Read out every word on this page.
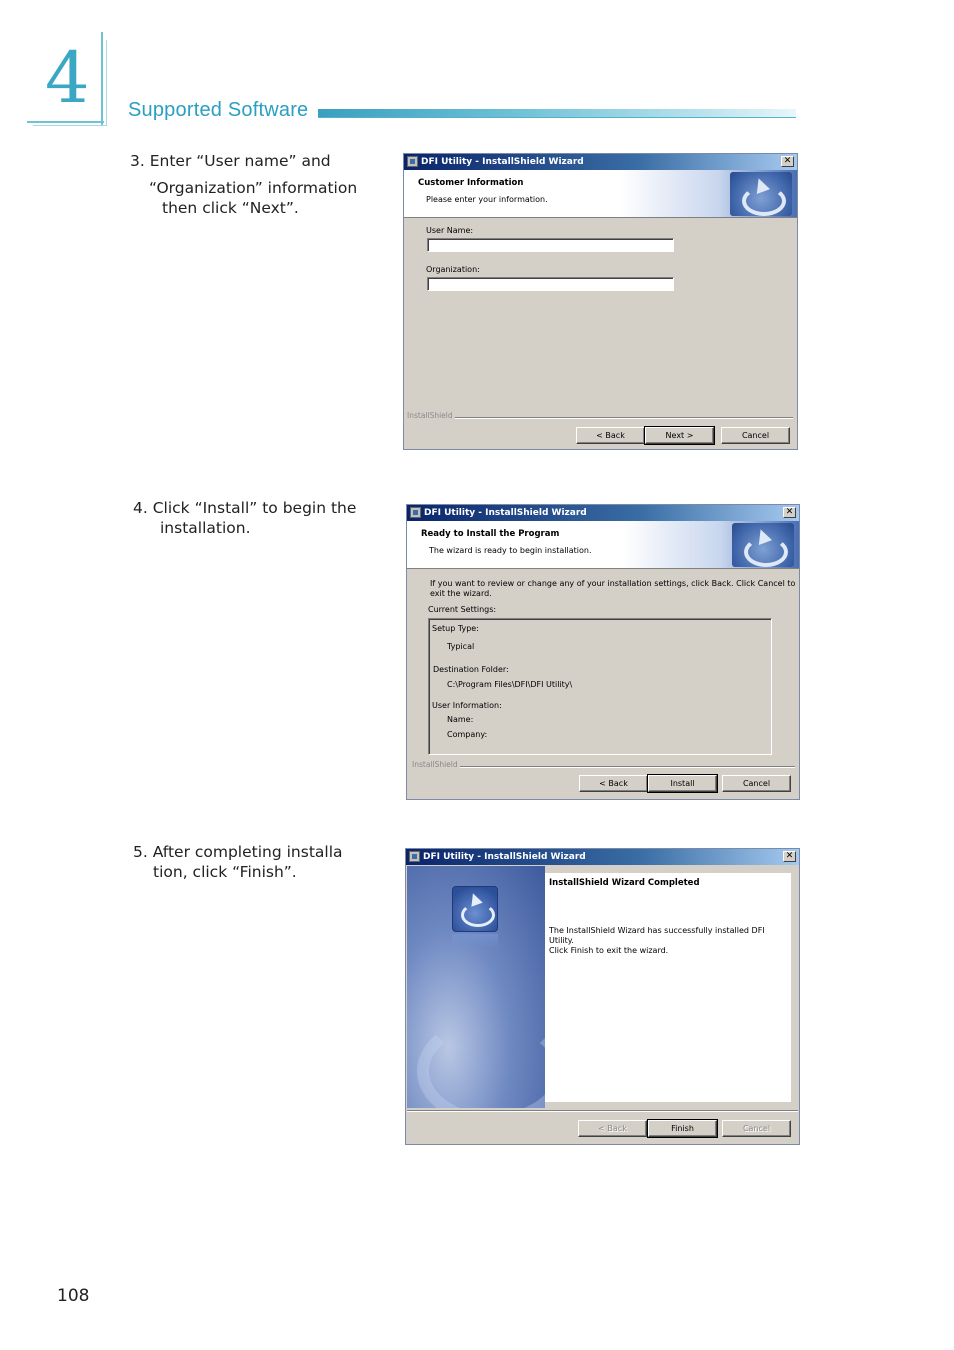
4 Supported Software
3. Enter “User name” and
“Organization” information
then click “Next”.
DFI Utility - InstallShield Wizard	✕
Customer Information
Please enter your information.
User Name:
Organization:
InstallShield
< Back	Next >	Cancel
4. Click “Install” to begin the
installation.
DFI Utility - InstallShield Wizard	✕
Ready to Install the Program
The wizard is ready to begin installation.
If you want to review or change any of your installation settings, click Back. Click Cancel to
exit the wizard.
Current Settings:
Setup Type:
Typical
Destination Folder:
C:\Program Files\DFI\DFI Utility\
User Information:
Name:
Company:
InstallShield
< Back	Install	Cancel
5. After completing installa
tion, click “Finish”.
DFI Utility - InstallShield Wizard	✕
InstallShield Wizard Completed
The InstallShield Wizard has successfully installed DFI Utility.
Click Finish to exit the wizard.
< Back	Finish	Cancel
108
